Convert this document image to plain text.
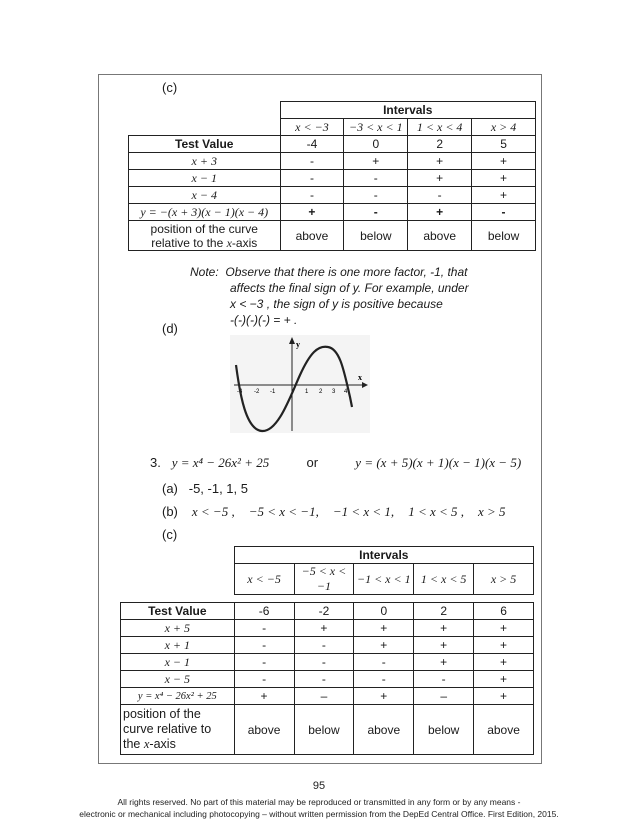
(c)
	Intervals			
	x < −3	−3 < x < 1	1 < x < 4	x > 4
Test Value	-4	0	2	5
x + 3	-	+	+	+
x − 1	-	-	+	+
x − 4	-	-	-	+
y = −(x + 3)(x − 1)(x − 4)	+	-	+	-
position of the curve
relative to the x-axis	above	below	above	below
Note: Observe that there is one more factor, -1, that
affects the final sign of y. For example, under
x < −3 , the sign of y is positive because
-(-)(-)(-) = + .
(d)
x
y
-3 -2 -1	1 2 3 4
3. y = x⁴ − 26x² + 25	or	y = (x + 5)(x + 1)(x − 1)(x − 5)
(a) -5, -1, 1, 5
(b) x < −5 , −5 < x < −1, −1 < x < 1, 1 < x < 5 , x > 5
(c)
	Intervals				
	x < −5	−5 < x < −1	−1 < x < 1	1 < x < 5	x > 5

Test Value	-6	-2	0	2	6
x + 5	-	+	+	+	+
x + 1	-	-	+	+	+
x − 1	-	-	-	+	+
x − 5	-	-	-	-	+
y = x⁴ − 26x² + 25	+	–	+	–	+
position of the
curve relative to
the x-axis	above	below	above	below	above
95
All rights reserved. No part of this material may be reproduced or transmitted in any form or by any means -
electronic or mechanical including photocopying – without written permission from the DepEd Central Office. First Edition, 2015.
